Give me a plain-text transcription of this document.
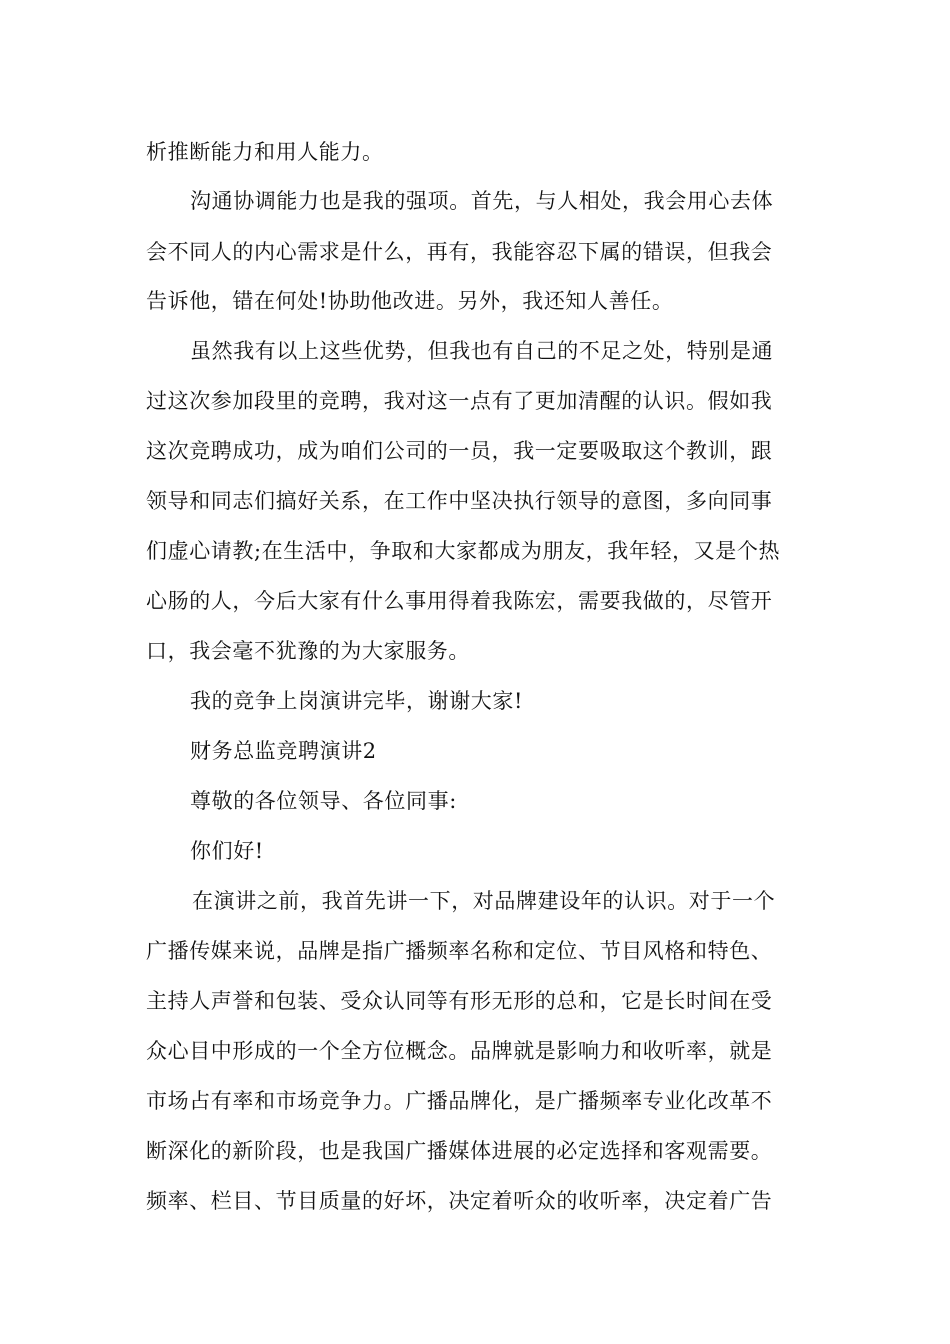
析推断能力和用人能力。
沟通协调能力也是我的强项。首先，与人相处，我会用心去体
会不同人的内心需求是什么，再有，我能容忍下属的错误，但我会
告诉他，错在何处!协助他改进。另外，我还知人善任。
虽然我有以上这些优势，但我也有自己的不足之处，特别是通
过这次参加段里的竞聘，我对这一点有了更加清醒的认识。假如我
这次竞聘成功，成为咱们公司的一员，我一定要吸取这个教训，跟
领导和同志们搞好关系，在工作中坚决执行领导的意图，多向同事
们虚心请教;在生活中，争取和大家都成为朋友，我年轻，又是个热
心肠的人，今后大家有什么事用得着我陈宏，需要我做的，尽管开
口，我会毫不犹豫的为大家服务。
我的竞争上岗演讲完毕，谢谢大家!
财务总监竞聘演讲2
尊敬的各位领导、各位同事:
你们好!
在演讲之前，我首先讲一下，对品牌建设年的认识。对于一个
广播传媒来说，品牌是指广播频率名称和定位、节目风格和特色、
主持人声誉和包装、受众认同等有形无形的总和，它是长时间在受
众心目中形成的一个全方位概念。品牌就是影响力和收听率，就是
市场占有率和市场竞争力。广播品牌化，是广播频率专业化改革不
断深化的新阶段，也是我国广播媒体进展的必定选择和客观需要。
频率、栏目、节目质量的好坏，决定着听众的收听率，决定着广告
